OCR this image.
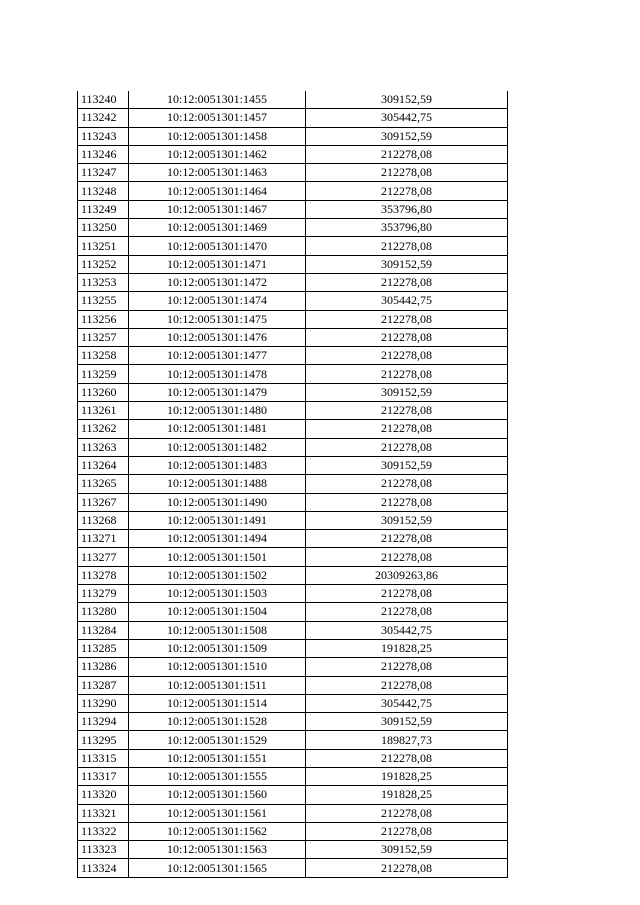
113240	10:12:0051301:1455	309152,59
113242	10:12:0051301:1457	305442,75
113243	10:12:0051301:1458	309152,59
113246	10:12:0051301:1462	212278,08
113247	10:12:0051301:1463	212278,08
113248	10:12:0051301:1464	212278,08
113249	10:12:0051301:1467	353796,80
113250	10:12:0051301:1469	353796,80
113251	10:12:0051301:1470	212278,08
113252	10:12:0051301:1471	309152,59
113253	10:12:0051301:1472	212278,08
113255	10:12:0051301:1474	305442,75
113256	10:12:0051301:1475	212278,08
113257	10:12:0051301:1476	212278,08
113258	10:12:0051301:1477	212278,08
113259	10:12:0051301:1478	212278,08
113260	10:12:0051301:1479	309152,59
113261	10:12:0051301:1480	212278,08
113262	10:12:0051301:1481	212278,08
113263	10:12:0051301:1482	212278,08
113264	10:12:0051301:1483	309152,59
113265	10:12:0051301:1488	212278,08
113267	10:12:0051301:1490	212278,08
113268	10:12:0051301:1491	309152,59
113271	10:12:0051301:1494	212278,08
113277	10:12:0051301:1501	212278,08
113278	10:12:0051301:1502	20309263,86
113279	10:12:0051301:1503	212278,08
113280	10:12:0051301:1504	212278,08
113284	10:12:0051301:1508	305442,75
113285	10:12:0051301:1509	191828,25
113286	10:12:0051301:1510	212278,08
113287	10:12:0051301:1511	212278,08
113290	10:12:0051301:1514	305442,75
113294	10:12:0051301:1528	309152,59
113295	10:12:0051301:1529	189827,73
113315	10:12:0051301:1551	212278,08
113317	10:12:0051301:1555	191828,25
113320	10:12:0051301:1560	191828,25
113321	10:12:0051301:1561	212278,08
113322	10:12:0051301:1562	212278,08
113323	10:12:0051301:1563	309152,59
113324	10:12:0051301:1565	212278,08
